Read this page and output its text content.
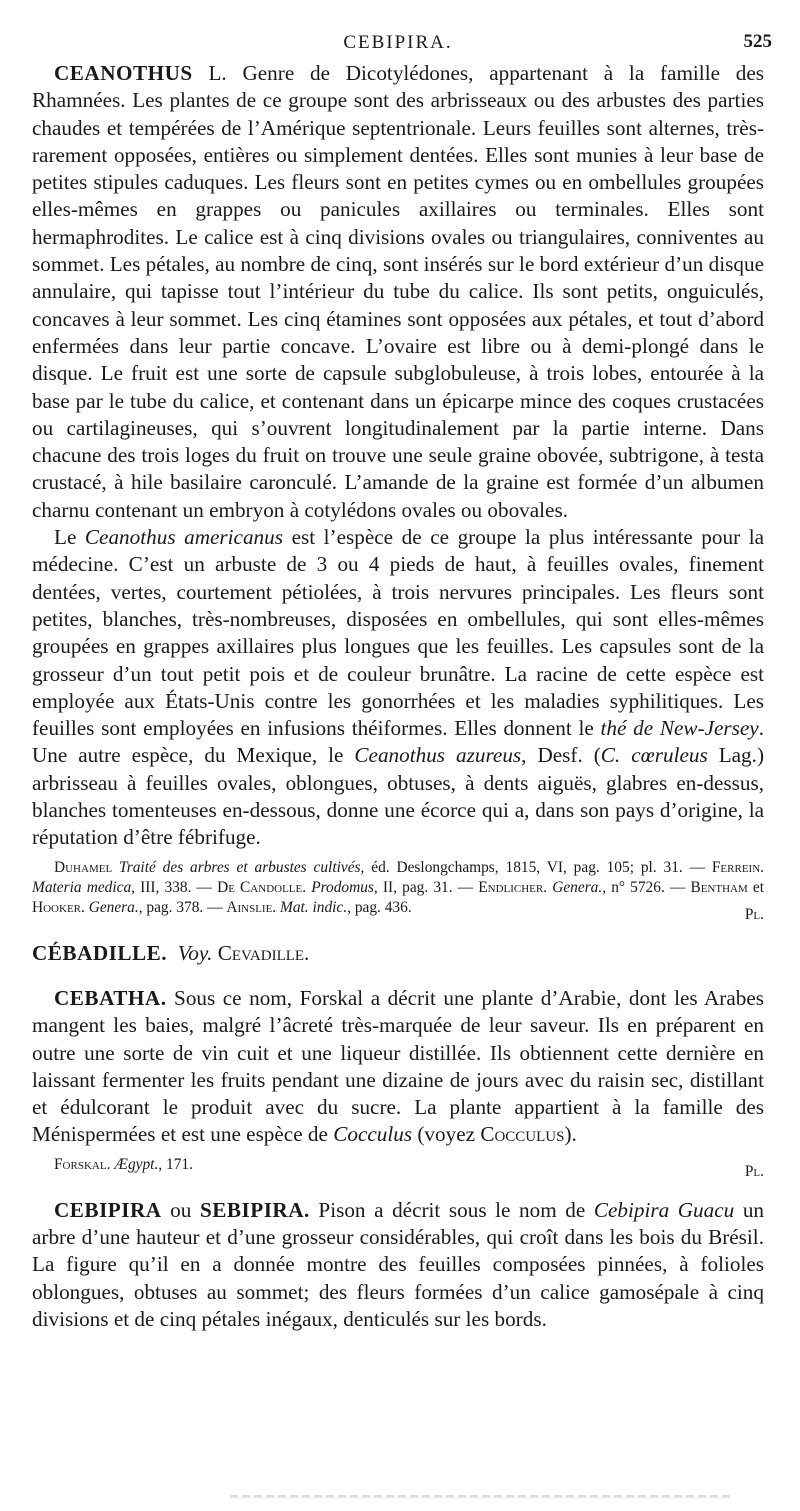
CEBIPIRA.	525

CEANOTHUS L. Genre de Dicotylédones, appartenant à la famille des Rhamnées. Les plantes de ce groupe sont des arbrisseaux ou des arbustes des parties chaudes et tempérées de l’Amérique septentrionale. Leurs feuilles sont alternes, très-rarement opposées, entières ou simplement dentées. Elles sont munies à leur base de petites stipules caduques. Les fleurs sont en petites cymes ou en ombellules groupées elles-mêmes en grappes ou panicules axillaires ou terminales. Elles sont hermaphrodites. Le calice est à cinq divisions ovales ou triangulaires, conniventes au sommet. Les pétales, au nombre de cinq, sont insérés sur le bord extérieur d’un disque annulaire, qui tapisse tout l’intérieur du tube du calice. Ils sont petits, onguiculés, concaves à leur sommet. Les cinq étamines sont opposées aux pétales, et tout d’abord enfermées dans leur partie concave. L’ovaire est libre ou à demi-plongé dans le disque. Le fruit est une sorte de capsule subglobuleuse, à trois lobes, entourée à la base par le tube du calice, et contenant dans un épicarpe mince des coques crustacées ou cartilagineuses, qui s’ouvrent longitudinalement par la partie interne. Dans chacune des trois loges du fruit on trouve une seule graine obovée, subtrigone, à testa crustacé, à hile basilaire caronculé. L’amande de la graine est formée d’un albumen charnu contenant un embryon à cotylédons ovales ou obovales.

Le Ceanothus americanus est l’espèce de ce groupe la plus intéressante pour la médecine. C’est un arbuste de 3 ou 4 pieds de haut, à feuilles ovales, finement dentées, vertes, courtement pétiolées, à trois nervures principales. Les fleurs sont petites, blanches, très-nombreuses, disposées en ombellules, qui sont elles-mêmes groupées en grappes axillaires plus longues que les feuilles. Les capsules sont de la grosseur d’un tout petit pois et de couleur brunâtre. La racine de cette espèce est employée aux États-Unis contre les gonorrhées et les maladies syphilitiques. Les feuilles sont employées en infusions théiformes. Elles donnent le thé de New-Jersey. Une autre espèce, du Mexique, le Ceanothus azureus, Desf. (C. cœruleus Lag.) arbrisseau à feuilles ovales, oblongues, obtuses, à dents aiguës, glabres en-dessus, blanches tomenteuses en-dessous, donne une écorce qui a, dans son pays d’origine, la réputation d’être fébrifuge.

Duhamel Traité des arbres et arbustes cultivés, éd. Deslongchamps, 1815, VI, pag. 105; pl. 31. — Ferrein. Materia medica, III, 338. — De Candolle. Prodomus, II, pag. 31. — Endlicher. Genera., n° 5726. — Bentham et Hooker. Genera., pag. 378. — Ainslie. Mat. indic., pag. 436.	Pl.
CÉBADILLE. Voy. Cevadille.

CEBATHA. Sous ce nom, Forskal a décrit une plante d’Arabie, dont les Arabes mangent les baies, malgré l’âcreté très-marquée de leur saveur. Ils en préparent en outre une sorte de vin cuit et une liqueur distillée. Ils obtiennent cette dernière en laissant fermenter les fruits pendant une dizaine de jours avec du raisin sec, distillant et édulcorant le produit avec du sucre. La plante appartient à la famille des Ménispermées et est une espèce de Cocculus (voyez Cocculus).

Forskal. Ægypt., 171.	Pl.

CEBIPIRA ou SEBIPIRA. Pison a décrit sous le nom de Cebipira Guacu un arbre d’une hauteur et d’une grosseur considérables, qui croît dans les bois du Brésil. La figure qu’il en a donnée montre des feuilles composées pinnées, à folioles oblongues, obtuses au sommet; des fleurs formées d’un calice gamosépale à cinq divisions et de cinq pétales inégaux, denticulés sur les bords.
